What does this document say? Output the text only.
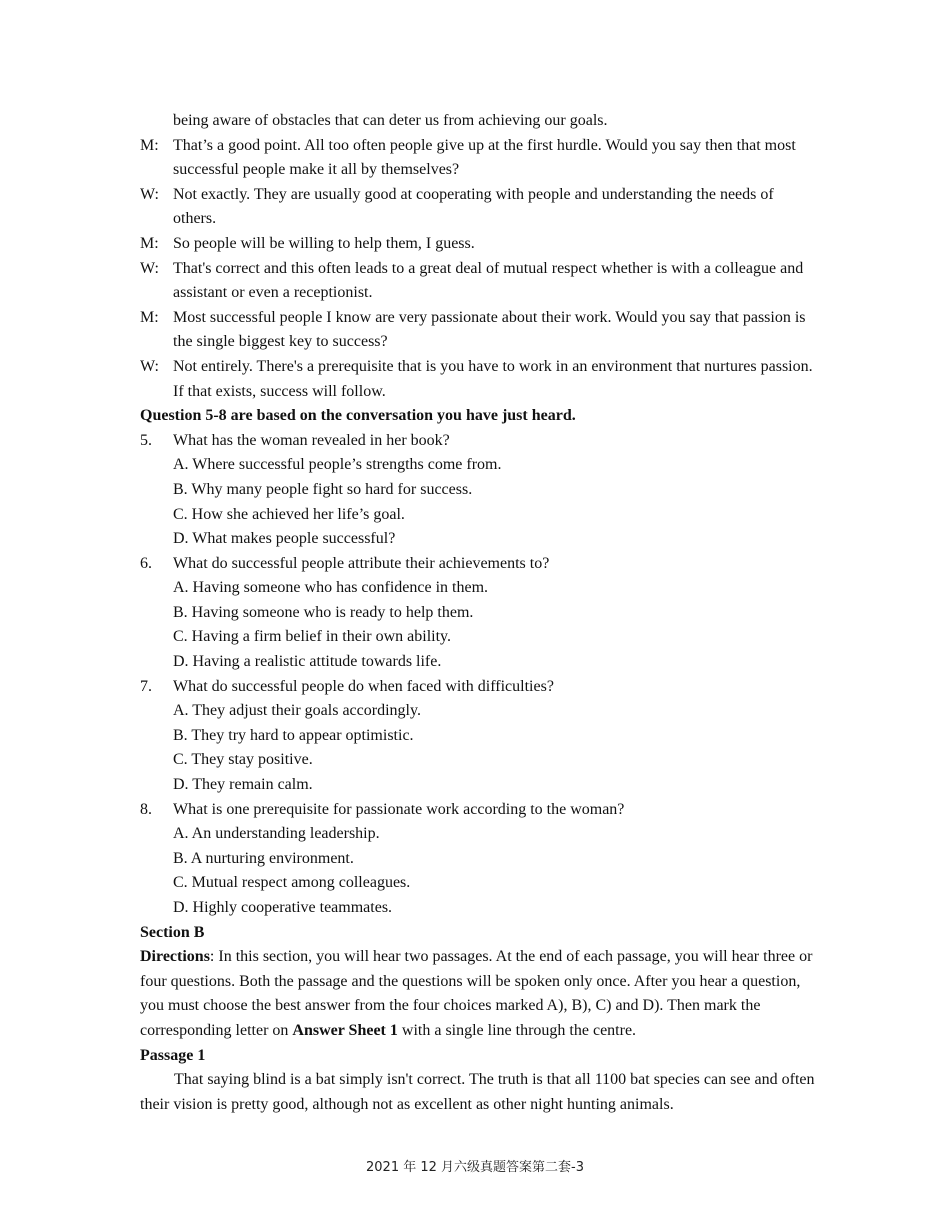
being aware of obstacles that can deter us from achieving our goals.
M: That’s a good point. All too often people give up at the first hurdle. Would you say then that most successful people make it all by themselves?
W: Not exactly. They are usually good at cooperating with people and understanding the needs of others.
M: So people will be willing to help them, I guess.
W: That's correct and this often leads to a great deal of mutual respect whether is with a colleague and assistant or even a receptionist.
M: Most successful people I know are very passionate about their work. Would you say that passion is the single biggest key to success?
W: Not entirely. There's a prerequisite that is you have to work in an environment that nurtures passion. If that exists, success will follow.
Question 5-8 are based on the conversation you have just heard.
5.	What has the woman revealed in her book?
A. Where successful people’s strengths come from.
B. Why many people fight so hard for success.
C. How she achieved her life’s goal.
D. What makes people successful?
6.	What do successful people attribute their achievements to?
A. Having someone who has confidence in them.
B. Having someone who is ready to help them.
C. Having a firm belief in their own ability.
D. Having a realistic attitude towards life.
7.	What do successful people do when faced with difficulties?
A. They adjust their goals accordingly.
B. They try hard to appear optimistic.
C. They stay positive.
D. They remain calm.
8.	What is one prerequisite for passionate work according to the woman?
A. An understanding leadership.
B. A nurturing environment.
C. Mutual respect among colleagues.
D. Highly cooperative teammates.
Section B

Directions: In this section, you will hear two passages. At the end of each passage, you will hear three or four questions. Both the passage and the questions will be spoken only once. After you hear a question, you must choose the best answer from the four choices marked A), B), C) and D). Then mark the corresponding letter on Answer Sheet 1 with a single line through the centre.

Passage 1

That saying blind is a bat simply isn't correct. The truth is that all 1100 bat species can see and often their vision is pretty good, although not as excellent as other night hunting animals.

2021 年 12 月六级真题答案第二套-3
